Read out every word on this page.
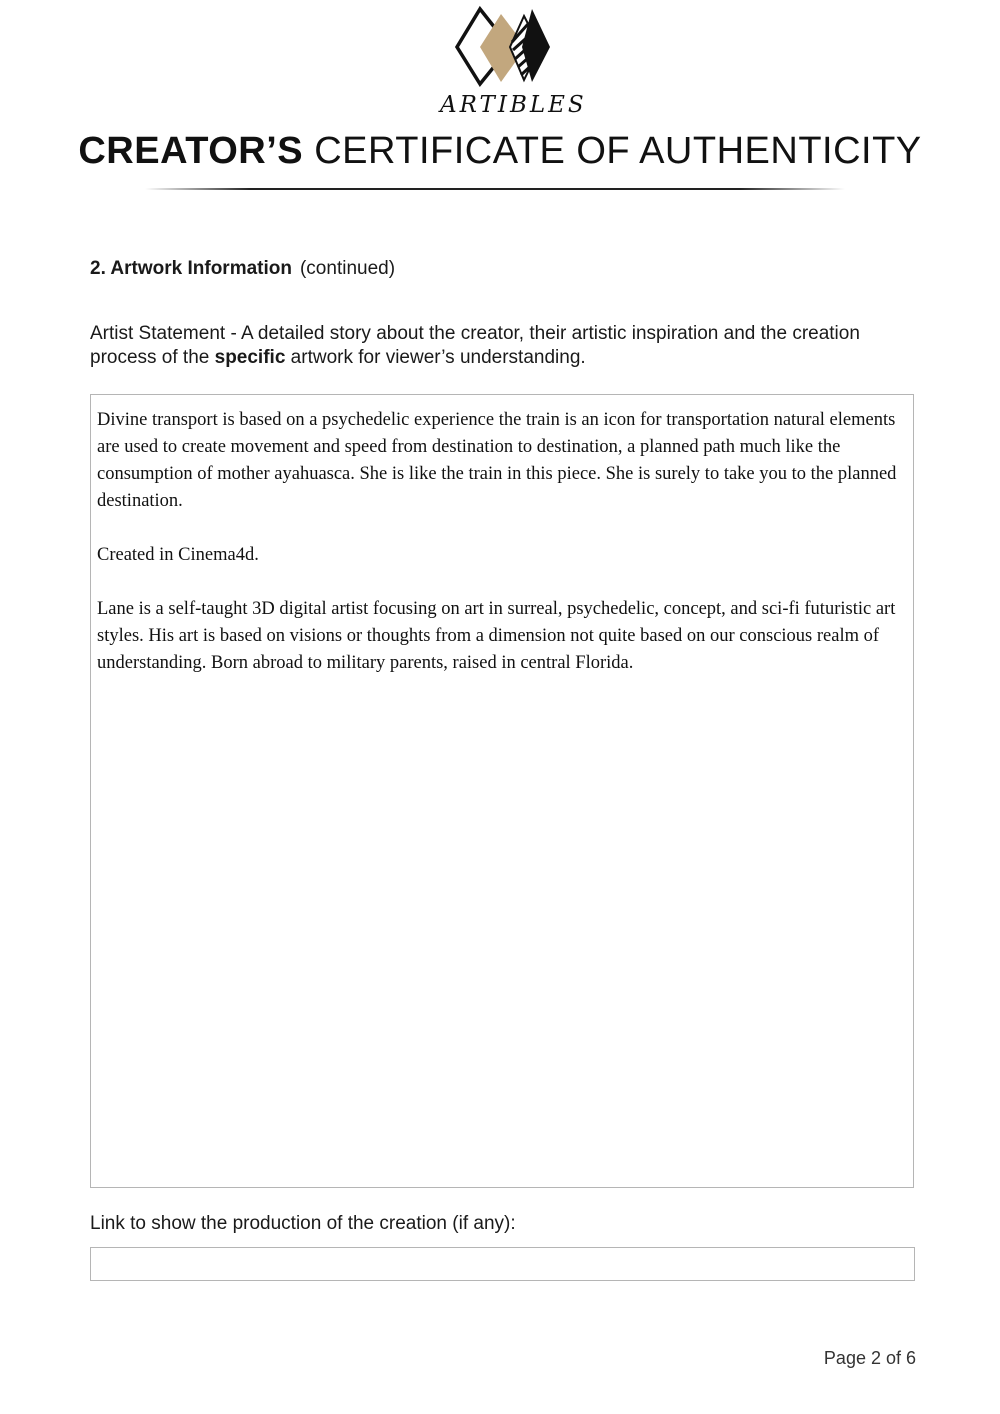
ARTIBLES
CREATOR’S CERTIFICATE OF AUTHENTICITY
2. Artwork Information (continued)
Artist Statement - A detailed story about the creator, their artistic inspiration and the creation process of the specific artwork for viewer’s understanding.

Divine transport is based on a psychedelic experience the train is an icon for transportation natural elements are used to create movement and speed from destination to destination, a planned path much like the consumption of mother ayahuasca. She is like the train in this piece. She is surely to take you to the planned destination.

Created in Cinema4d.

Lane is a self-taught 3D digital artist focusing on art in surreal, psychedelic, concept, and sci-fi futuristic art styles. His art is based on visions or thoughts from a dimension not quite based on our conscious realm of understanding. Born abroad to military parents, raised in central Florida.

Link to show the production of the creation (if any):
Page 2 of 6
